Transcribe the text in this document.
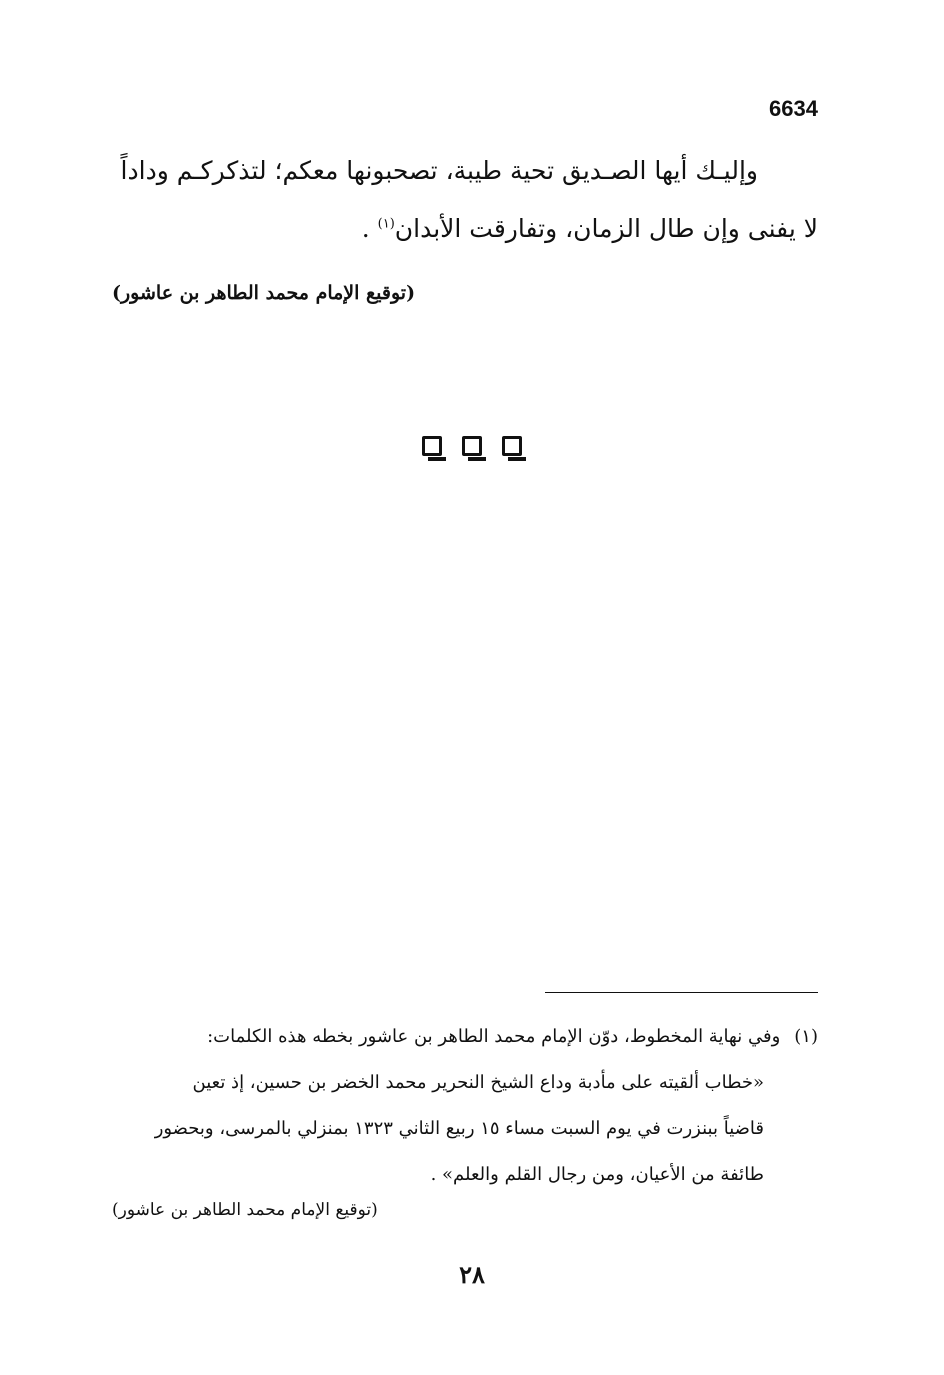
6634

وإليـك أيها الصـديق تحية طيبة، تصحبونها معكم؛ لتذكركـم وداداً

لا يفنى وإن طال الزمان، وتفارقت الأبدان$^{(١)}$ .

(توقيع الإمام محمد الطاهر بن عاشور)

(١)وفي نهاية المخطوط، دوّن الإمام محمد الطاهر بن عاشور بخطه هذه الكلمات:

«خطاب ألقيته على مأدبة وداع الشيخ النحرير محمد الخضر بن حسين، إذ تعين

قاضياً ببنزرت في يوم السبت مساء ١٥ ربيع الثاني ١٣٢٣ بمنزلي بالمرسى، وبحضور

طائفة من الأعيان، ومن رجال القلم والعلم» .

(توقيع الإمام محمد الطاهر بن عاشور)
٢٨
